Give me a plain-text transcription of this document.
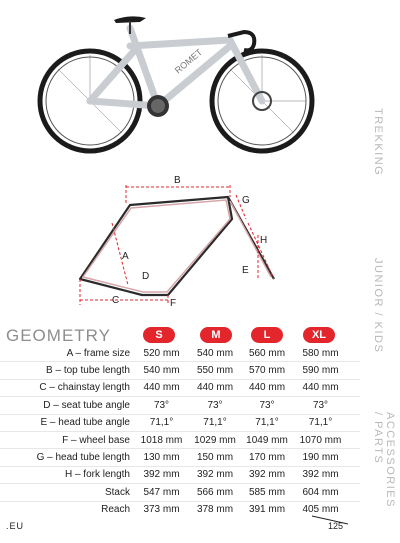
ROMET
B
G
H
A
D
E
C	F
TREKKING
JUNIOR / KIDS
ACCESSORIES
/ PARTS
GEOMETRY	S	M	L	XL
A – frame size	520 mm	540 mm	560 mm	580 mm
B – top tube length	540 mm	550 mm	570 mm	590 mm
C – chainstay length	440 mm	440 mm	440 mm	440 mm
D – seat tube angle	73°	73°	73°	73°
E – head tube angle	71,1°	71,1°	71,1°	71,1°
F – wheel base	1018 mm	1029 mm	1049 mm	1070 mm
G – head tube length	130 mm	150 mm	170 mm	190 mm
H – fork length	392 mm	392 mm	392 mm	392 mm
Stack	547 mm	566 mm	585 mm	604 mm
Reach	373 mm	378 mm	391 mm	405 mm
.EU	125
